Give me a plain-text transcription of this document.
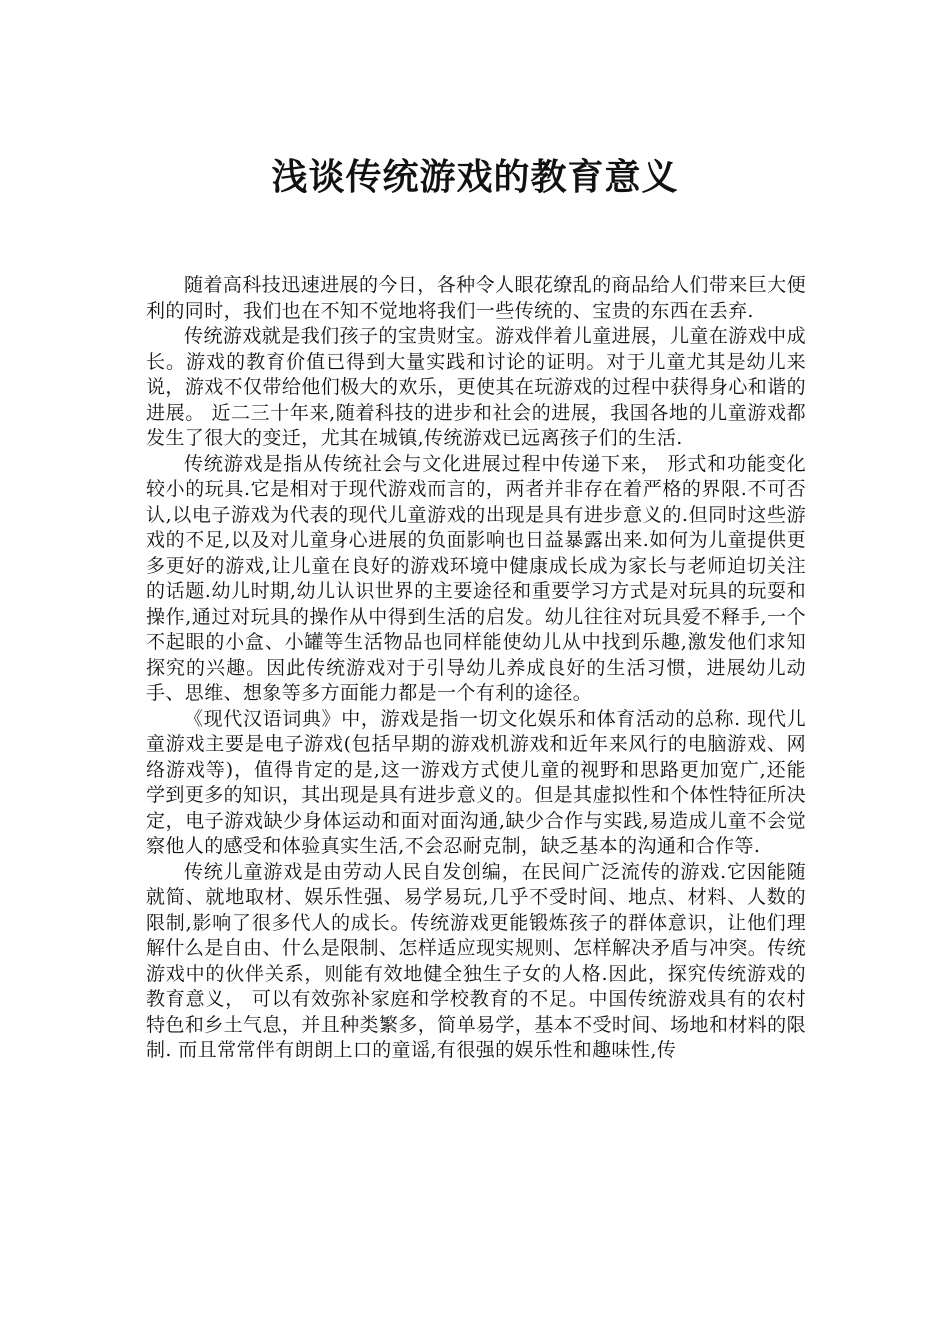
浅谈传统游戏的教育意义

随着高科技迅速进展的今日，各种令人眼花缭乱的商品给人们带来巨大便利的同时，我们也在不知不觉地将我们一些传统的、宝贵的东西在丢弃.

传统游戏就是我们孩子的宝贵财宝。游戏伴着儿童进展，儿童在游戏中成长。游戏的教育价值已得到大量实践和讨论的证明。对于儿童尤其是幼儿来说，游戏不仅带给他们极大的欢乐，更使其在玩游戏的过程中获得身心和谐的进展。 近二三十年来,随着科技的进步和社会的进展，我国各地的儿童游戏都发生了很大的变迁，尤其在城镇,传统游戏已远离孩子们的生活.

传统游戏是指从传统社会与文化进展过程中传递下来， 形式和功能变化较小的玩具.它是相对于现代游戏而言的，两者并非存在着严格的界限.不可否认,以电子游戏为代表的现代儿童游戏的出现是具有进步意义的.但同时这些游戏的不足,以及对儿童身心进展的负面影响也日益暴露出来.如何为儿童提供更多更好的游戏,让儿童在良好的游戏环境中健康成长成为家长与老师迫切关注的话题.幼儿时期,幼儿认识世界的主要途径和重要学习方式是对玩具的玩耍和操作,通过对玩具的操作从中得到生活的启发。幼儿往往对玩具爱不释手,一个不起眼的小盒、小罐等生活物品也同样能使幼儿从中找到乐趣,激发他们求知探究的兴趣。因此传统游戏对于引导幼儿养成良好的生活习惯，进展幼儿动手、思维、想象等多方面能力都是一个有利的途径。

《现代汉语词典》中，游戏是指一切文化娱乐和体育活动的总称. 现代儿童游戏主要是电子游戏(包括早期的游戏机游戏和近年来风行的电脑游戏、网络游戏等)，值得肯定的是,这一游戏方式使儿童的视野和思路更加宽广,还能学到更多的知识，其出现是具有进步意义的。但是其虚拟性和个体性特征所决定，电子游戏缺少身体运动和面对面沟通,缺少合作与实践,易造成儿童不会觉察他人的感受和体验真实生活,不会忍耐克制，缺乏基本的沟通和合作等.

传统儿童游戏是由劳动人民自发创编，在民间广泛流传的游戏.它因能随就简、就地取材、娱乐性强、易学易玩,几乎不受时间、地点、材料、人数的限制,影响了很多代人的成长。传统游戏更能锻炼孩子的群体意识，让他们理解什么是自由、什么是限制、怎样适应现实规则、怎样解决矛盾与冲突。传统游戏中的伙伴关系，则能有效地健全独生子女的人格.因此，探究传统游戏的教育意义， 可以有效弥补家庭和学校教育的不足。中国传统游戏具有的农村特色和乡土气息，并且种类繁多，简单易学，基本不受时间、场地和材料的限制. 而且常常伴有朗朗上口的童谣,有很强的娱乐性和趣味性,传
